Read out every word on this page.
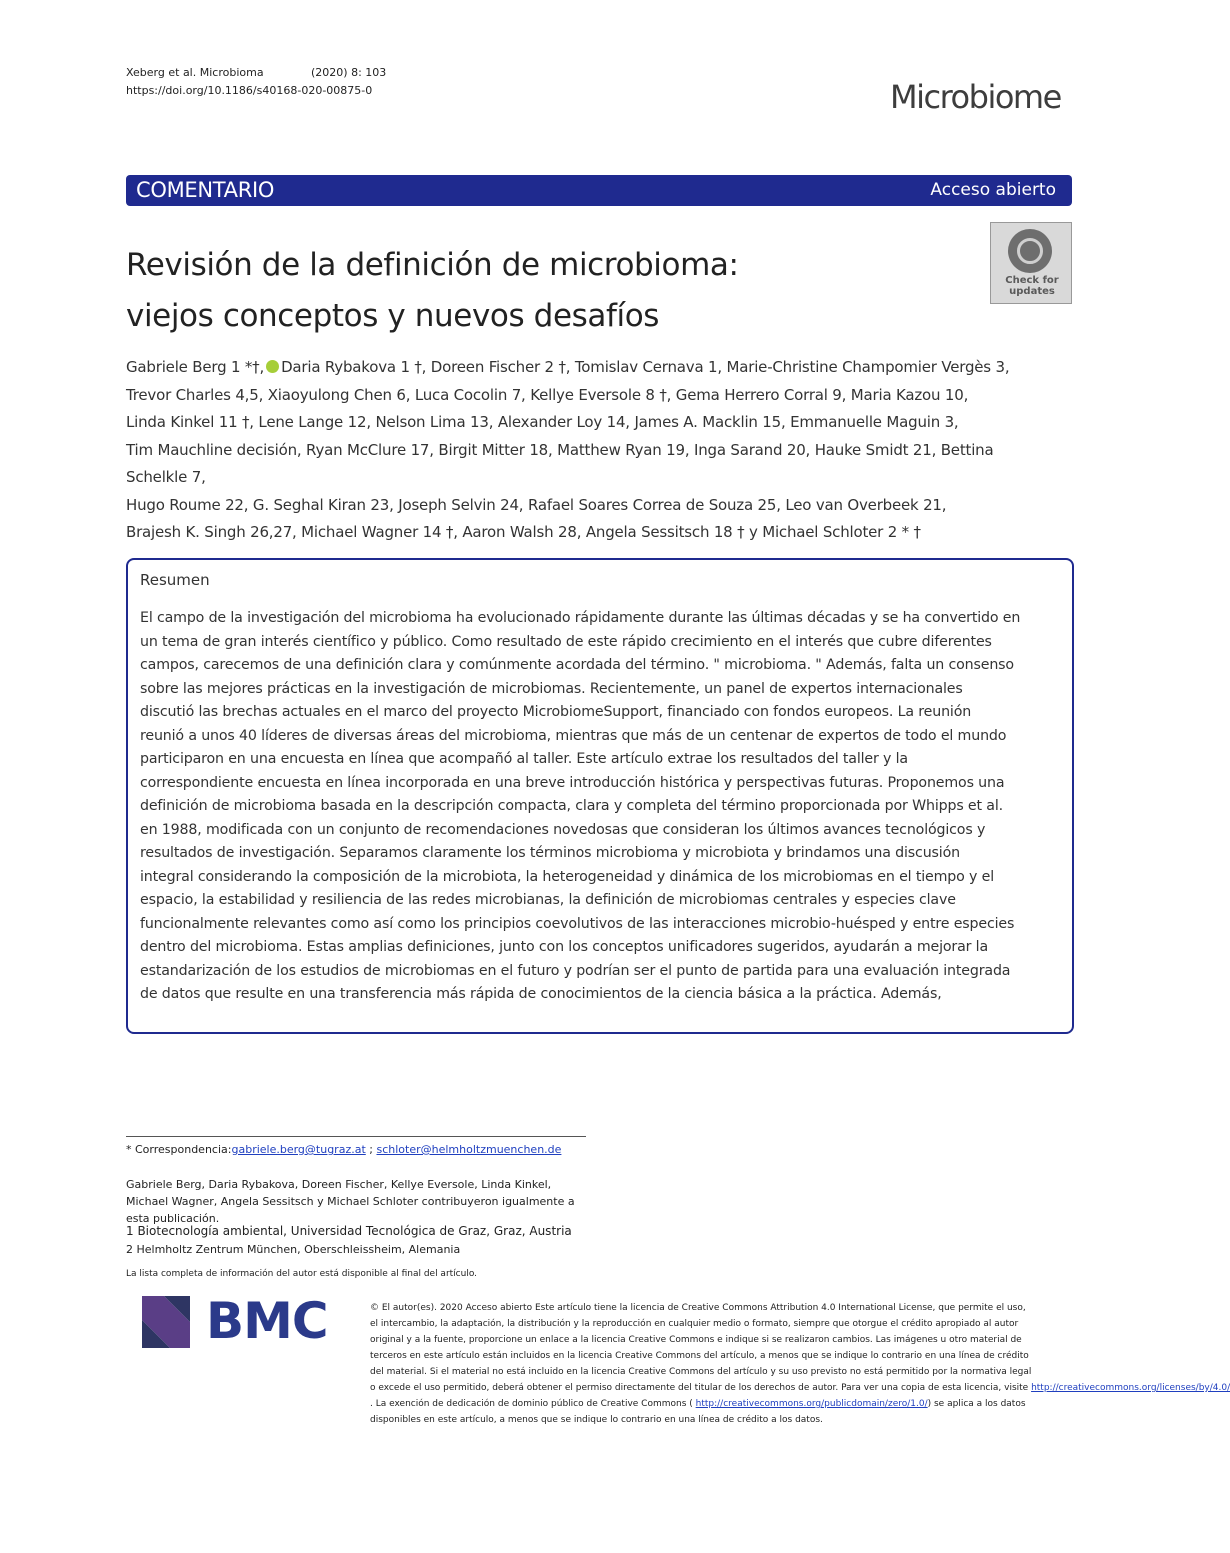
Xeberg et al. Microbioma	(2020) 8: 103
https://doi.org/10.1186/s40168-020-00875-0	Microbiome
COMENTARIO	Acceso abierto
Revisión de la definición de microbioma:
viejos conceptos y nuevos desafíos
Check for updates
Gabriele Berg 1 *†, Daria Rybakova 1 †, Doreen Fischer 2 †, Tomislav Cernava 1, Marie-Christine Champomier Vergès 3,
Trevor Charles 4,5, Xiaoyulong Chen 6, Luca Cocolin 7, Kellye Eversole 8 †, Gema Herrero Corral 9, Maria Kazou 10,
Linda Kinkel 11 †, Lene Lange 12, Nelson Lima 13, Alexander Loy 14, James A. Macklin 15, Emmanuelle Maguin 3,
Tim Mauchline decisión, Ryan McClure 17, Birgit Mitter 18, Matthew Ryan 19, Inga Sarand 20, Hauke Smidt 21, Bettina Schelkle 7,
Hugo Roume 22, G. Seghal Kiran 23, Joseph Selvin 24, Rafael Soares Correa de Souza 25, Leo van Overbeek 21,
Brajesh K. Singh 26,27, Michael Wagner 14 †, Aaron Walsh 28, Angela Sessitsch 18 † y Michael Schloter 2 * †
Resumen
El campo de la investigación del microbioma ha evolucionado rápidamente durante las últimas décadas y se ha convertido en
un tema de gran interés científico y público. Como resultado de este rápido crecimiento en el interés que cubre diferentes
campos, carecemos de una definición clara y comúnmente acordada del término. " microbioma. " Además, falta un consenso
sobre las mejores prácticas en la investigación de microbiomas. Recientemente, un panel de expertos internacionales
discutió las brechas actuales en el marco del proyecto MicrobiomeSupport, financiado con fondos europeos. La reunión
reunió a unos 40 líderes de diversas áreas del microbioma, mientras que más de un centenar de expertos de todo el mundo
participaron en una encuesta en línea que acompañó al taller. Este artículo extrae los resultados del taller y la
correspondiente encuesta en línea incorporada en una breve introducción histórica y perspectivas futuras. Proponemos una
definición de microbioma basada en la descripción compacta, clara y completa del término proporcionada por Whipps et al.
en 1988, modificada con un conjunto de recomendaciones novedosas que consideran los últimos avances tecnológicos y
resultados de investigación. Separamos claramente los términos microbioma y microbiota y brindamos una discusión
integral considerando la composición de la microbiota, la heterogeneidad y dinámica de los microbiomas en el tiempo y el
espacio, la estabilidad y resiliencia de las redes microbianas, la definición de microbiomas centrales y especies clave
funcionalmente relevantes como así como los principios coevolutivos de las interacciones microbio-huésped y entre especies
dentro del microbioma. Estas amplias definiciones, junto con los conceptos unificadores sugeridos, ayudarán a mejorar la
estandarización de los estudios de microbiomas en el futuro y podrían ser el punto de partida para una evaluación integrada
de datos que resulte en una transferencia más rápida de conocimientos de la ciencia básica a la práctica. Además,
* Correspondencia:gabriele.berg@tugraz.at ; schloter@helmholtzmuenchen.de
Gabriele Berg, Daria Rybakova, Doreen Fischer, Kellye Eversole, Linda Kinkel,
Michael Wagner, Angela Sessitsch y Michael Schloter contribuyeron igualmente a
esta publicación.
1 Biotecnología ambiental, Universidad Tecnológica de Graz, Graz, Austria
2 Helmholtz Zentrum München, Oberschleissheim, Alemania
La lista completa de información del autor está disponible al final del artículo.
BMC	© El autor(es). 2020 Acceso abierto Este artículo tiene la licencia de Creative Commons Attribution 4.0 International License, que permite el uso,
el intercambio, la adaptación, la distribución y la reproducción en cualquier medio o formato, siempre que otorgue el crédito apropiado al autor
original y a la fuente, proporcione un enlace a la licencia Creative Commons e indique si se realizaron cambios. Las imágenes u otro material de
terceros en este artículo están incluidos en la licencia Creative Commons del artículo, a menos que se indique lo contrario en una línea de crédito
del material. Si el material no está incluido en la licencia Creative Commons del artículo y su uso previsto no está permitido por la normativa legal
o excede el uso permitido, deberá obtener el permiso directamente del titular de los derechos de autor. Para ver una copia de esta licencia, visite http://creativecommons.org/licenses/by/4.0/
. La exención de dedicación de dominio público de Creative Commons ( http://creativecommons.org/publicdomain/zero/1.0/) se aplica a los datos
disponibles en este artículo, a menos que se indique lo contrario en una línea de crédito a los datos.
